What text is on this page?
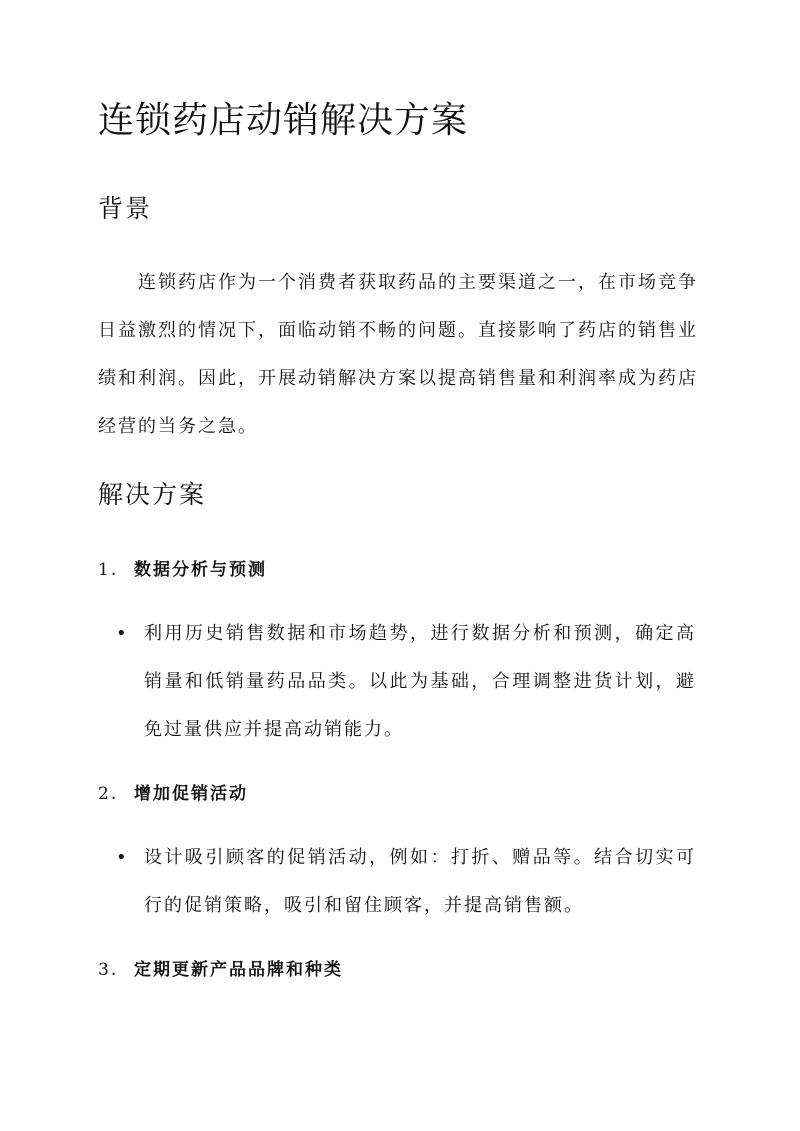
连锁药店动销解决方案
背景

连锁药店作为一个消费者获取药品的主要渠道之一，在市场竞争日益激烈的情况下，面临动销不畅的问题。直接影响了药店的销售业绩和利润。因此，开展动销解决方案以提高销售量和利润率成为药店经营的当务之急。

解决方案
1. 数据分析与预测
• 利用历史销售数据和市场趋势，进行数据分析和预测，确定高销量和低销量药品品类。以此为基础，合理调整进货计划，避免过量供应并提高动销能力。

2. 增加促销活动
• 设计吸引顾客的促销活动，例如：打折、赠品等。结合切实可行的促销策略，吸引和留住顾客，并提高销售额。

3. 定期更新产品品牌和种类
